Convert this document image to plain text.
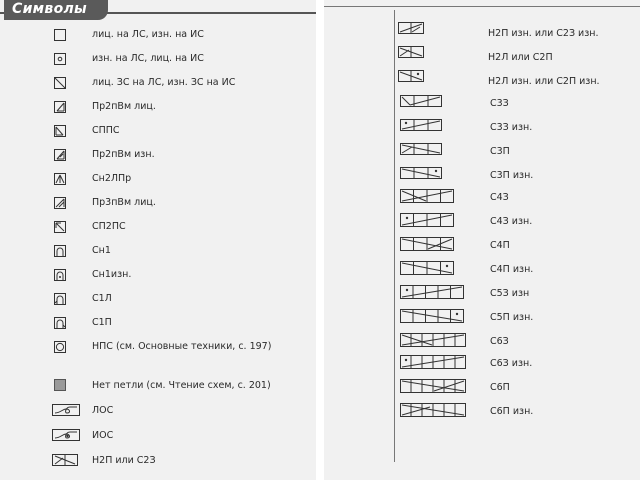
Символы
лиц. на ЛС, изн. на ИС
изн. на ЛС, лиц. на ИС
лиц. ЗС на ЛС, изн. ЗС на ИС
Пр2пВм лиц.
СППС
Пр2пВм изн.
Сн2ЛПр
Пр3пВм лиц.
СП2ПС
Сн1
Сн1изн.
С1Л
С1П
НПС (см. Основные техники, с. 197)
Нет петли (см. Чтение схем, с. 201)
ЛОС
ИОС
Н2П или С2З
Н2П изн. или С2З изн.
Н2Л или С2П
Н2Л изн. или С2П изн.
С3З
С3З изн.
С3П
С3П изн.
С4З
С4З изн.
С4П
С4П изн.
С5З изн
С5П изн.
С6З
С6З изн.
С6П
С6П изн.
